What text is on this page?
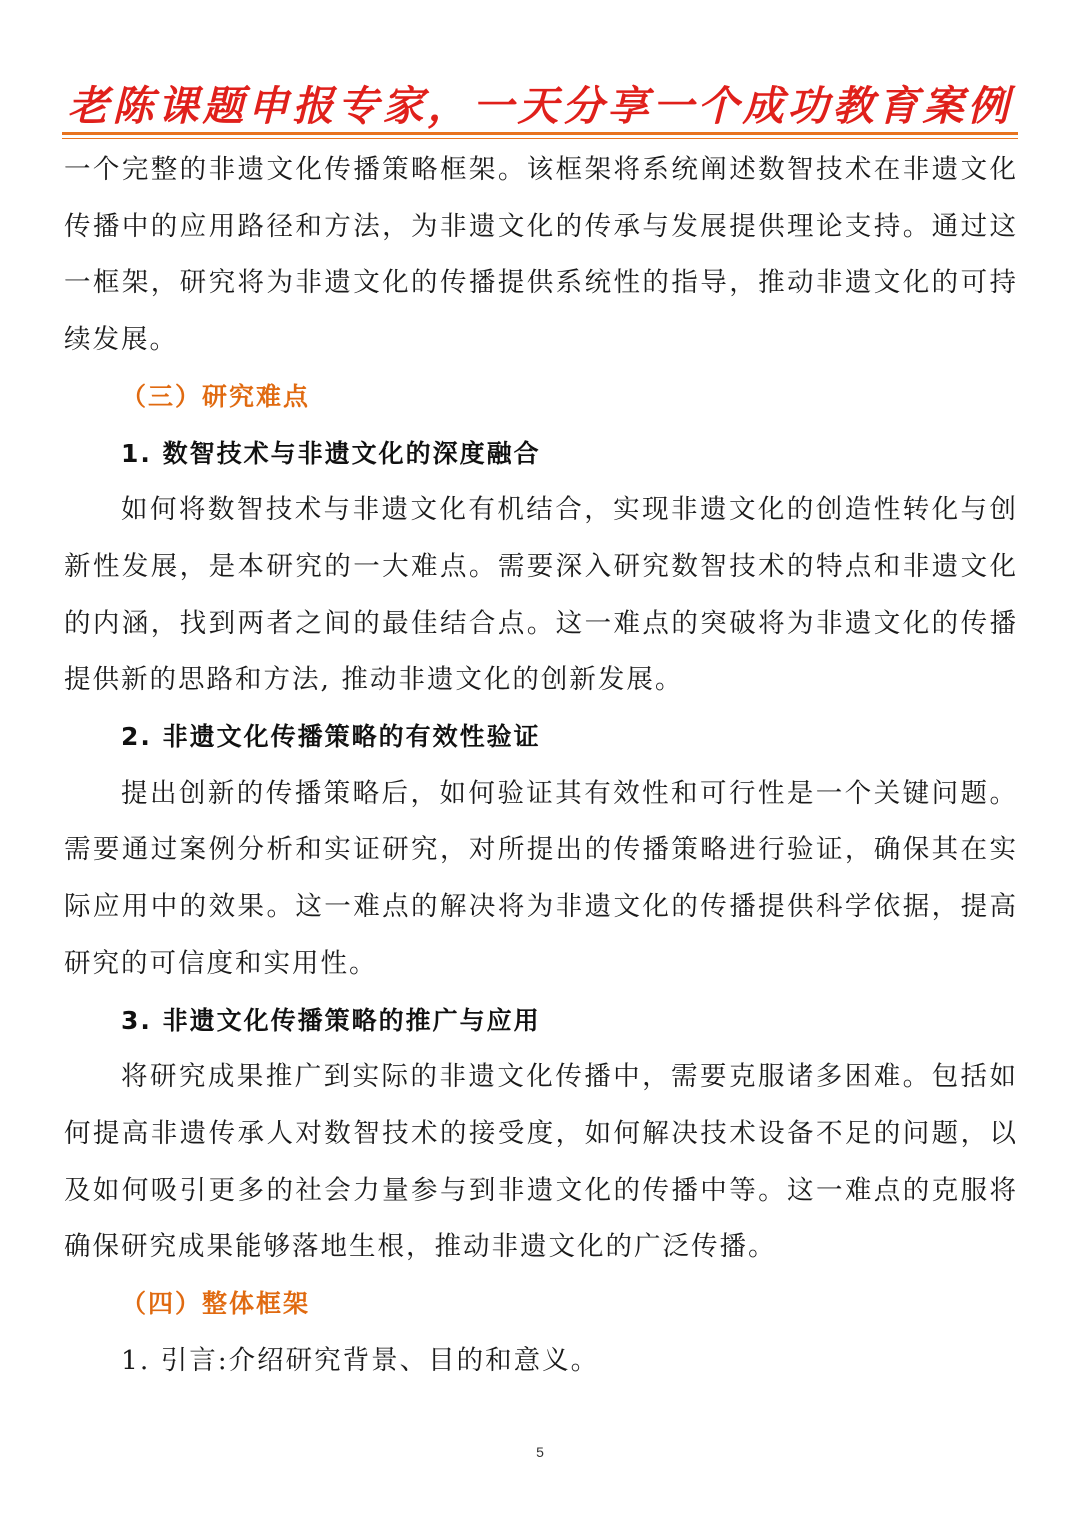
老陈课题申报专家，一天分享一个成功教育案例

一个完整的非遗文化传播策略框架。该框架将系统阐述数智技术在非遗文化传播中的应用路径和方法，为非遗文化的传承与发展提供理论支持。通过这一框架，研究将为非遗文化的传播提供系统性的指导，推动非遗文化的可持续发展。

（三）研究难点
1. 数智技术与非遗文化的深度融合

如何将数智技术与非遗文化有机结合，实现非遗文化的创造性转化与创新性发展，是本研究的一大难点。需要深入研究数智技术的特点和非遗文化的内涵，找到两者之间的最佳结合点。这一难点的突破将为非遗文化的传播提供新的思路和方法, 推动非遗文化的创新发展。

2. 非遗文化传播策略的有效性验证

提出创新的传播策略后，如何验证其有效性和可行性是一个关键问题。需要通过案例分析和实证研究，对所提出的传播策略进行验证，确保其在实际应用中的效果。这一难点的解决将为非遗文化的传播提供科学依据，提高研究的可信度和实用性。

3. 非遗文化传播策略的推广与应用

将研究成果推广到实际的非遗文化传播中，需要克服诸多困难。包括如何提高非遗传承人对数智技术的接受度，如何解决技术设备不足的问题，以及如何吸引更多的社会力量参与到非遗文化的传播中等。这一难点的克服将确保研究成果能够落地生根，推动非遗文化的广泛传播。

（四）整体框架

1. 引言:介绍研究背景、目的和意义。

5
